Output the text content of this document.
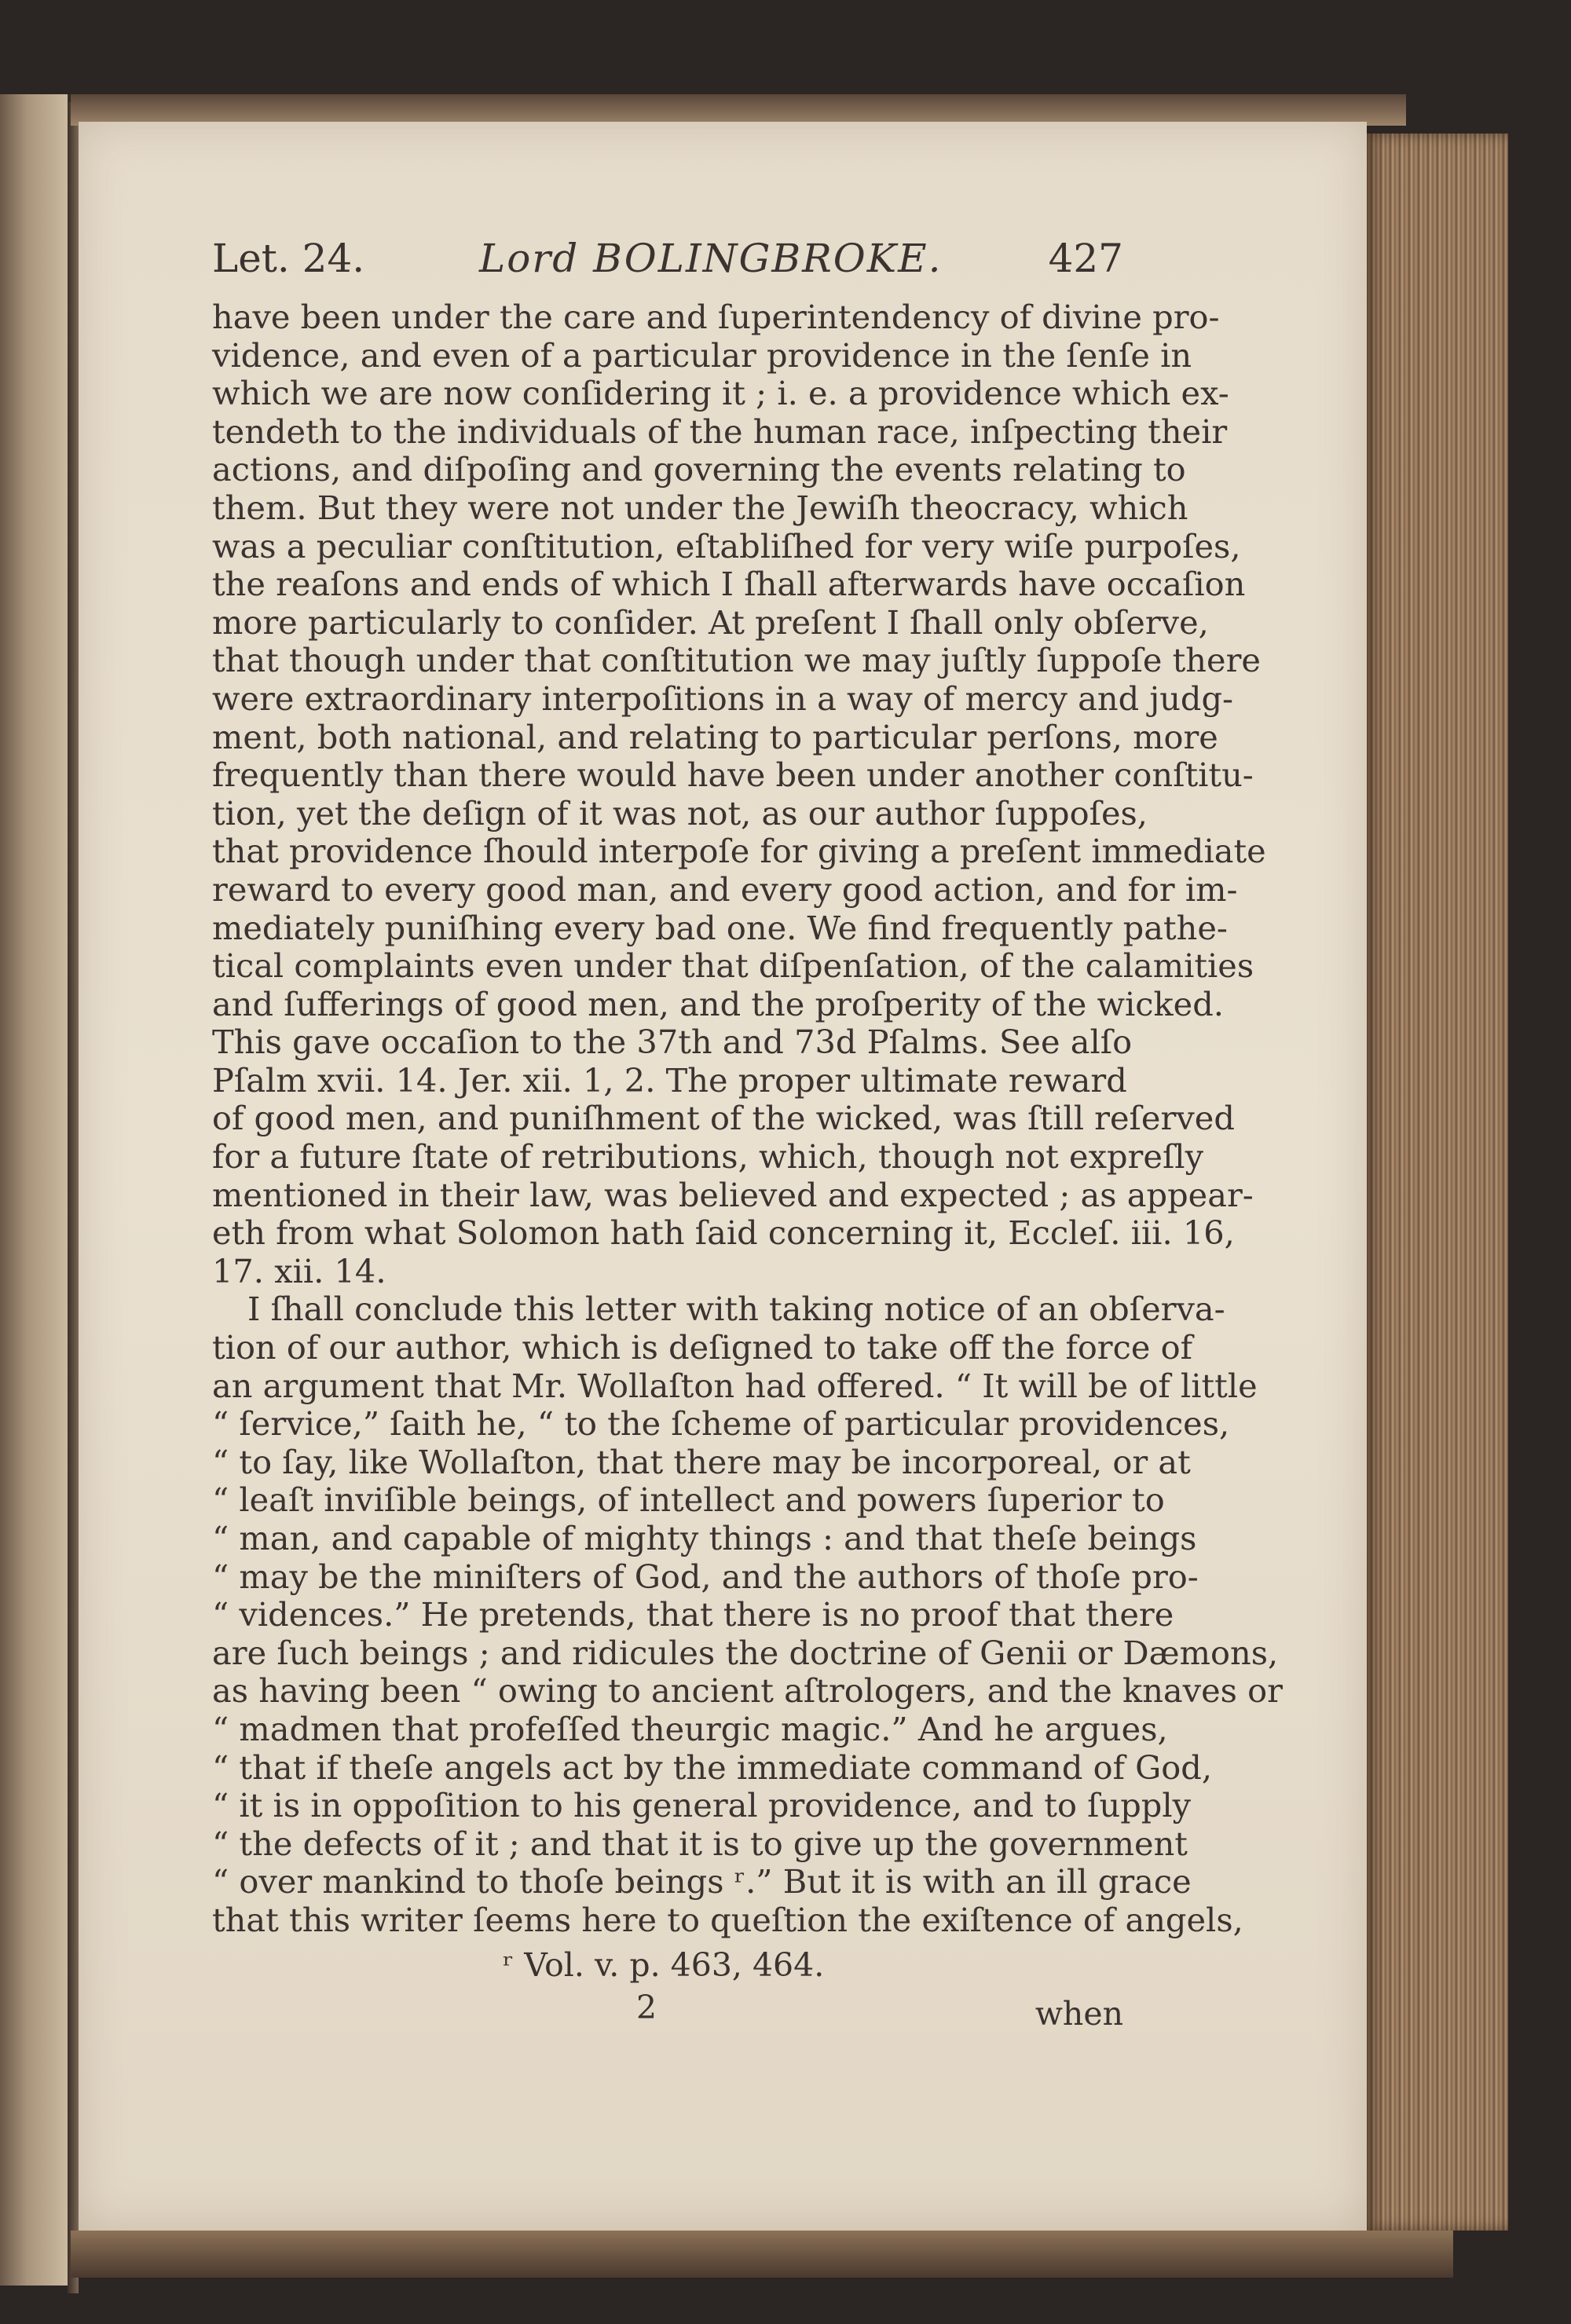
Let. 24.	Lord BOLINGBROKE.	427
have been under the care and ſuperintendency of divine pro-
vidence, and even of a particular providence in the ſenſe in
which we are now conſidering it ; i. e. a providence which ex-
tendeth to the individuals of the human race, inſpecting their
actions, and diſpoſing and governing the events relating to
them. But they were not under the Jewiſh theocracy, which
was a peculiar conſtitution, eſtabliſhed for very wiſe purpoſes,
the reaſons and ends of which I ſhall afterwards have occaſion
more particularly to conſider. At preſent I ſhall only obſerve,
that though under that conſtitution we may juſtly ſuppoſe there
were extraordinary interpoſitions in a way of mercy and judg-
ment, both national, and relating to particular perſons, more
frequently than there would have been under another conſtitu-
tion, yet the deſign of it was not, as our author ſuppoſes,
that providence ſhould interpoſe for giving a preſent immediate
reward to every good man, and every good action, and for im-
mediately puniſhing every bad one. We find frequently pathe-
tical complaints even under that diſpenſation, of the calamities
and ſufferings of good men, and the proſperity of the wicked.
This gave occaſion to the 37th and 73d Pſalms. See alſo
Pſalm xvii. 14. Jer. xii. 1, 2. The proper ultimate reward
of good men, and puniſhment of the wicked, was ſtill reſerved
for a future ſtate of retributions, which, though not expreſly
mentioned in their law, was believed and expected ; as appear-
eth from what Solomon hath ſaid concerning it, Eccleſ. iii. 16,
17. xii. 14.
I ſhall conclude this letter with taking notice of an obſerva-
tion of our author, which is deſigned to take off the force of
an argument that Mr. Wollaſton had offered. “ It will be of little
“ ſervice,” ſaith he, “ to the ſcheme of particular providences,
“ to ſay, like Wollaſton, that there may be incorporeal, or at
“ leaſt inviſible beings, of intellect and powers ſuperior to
“ man, and capable of mighty things : and that theſe beings
“ may be the miniſters of God, and the authors of thoſe pro-
“ vidences.” He pretends, that there is no proof that there
are ſuch beings ; and ridicules the doctrine of Genii or Dæmons,
as having been “ owing to ancient aſtrologers, and the knaves or
“ madmen that profeſſed theurgic magic.” And he argues,
“ that if theſe angels act by the immediate command of God,
“ it is in oppoſition to his general providence, and to ſupply
“ the defects of it ; and that it is to give up the government
“ over mankind to thoſe beings ʳ.” But it is with an ill grace
that this writer ſeems here to queſtion the exiſtence of angels,
ʳ Vol. v. p. 463, 464.
2	when
